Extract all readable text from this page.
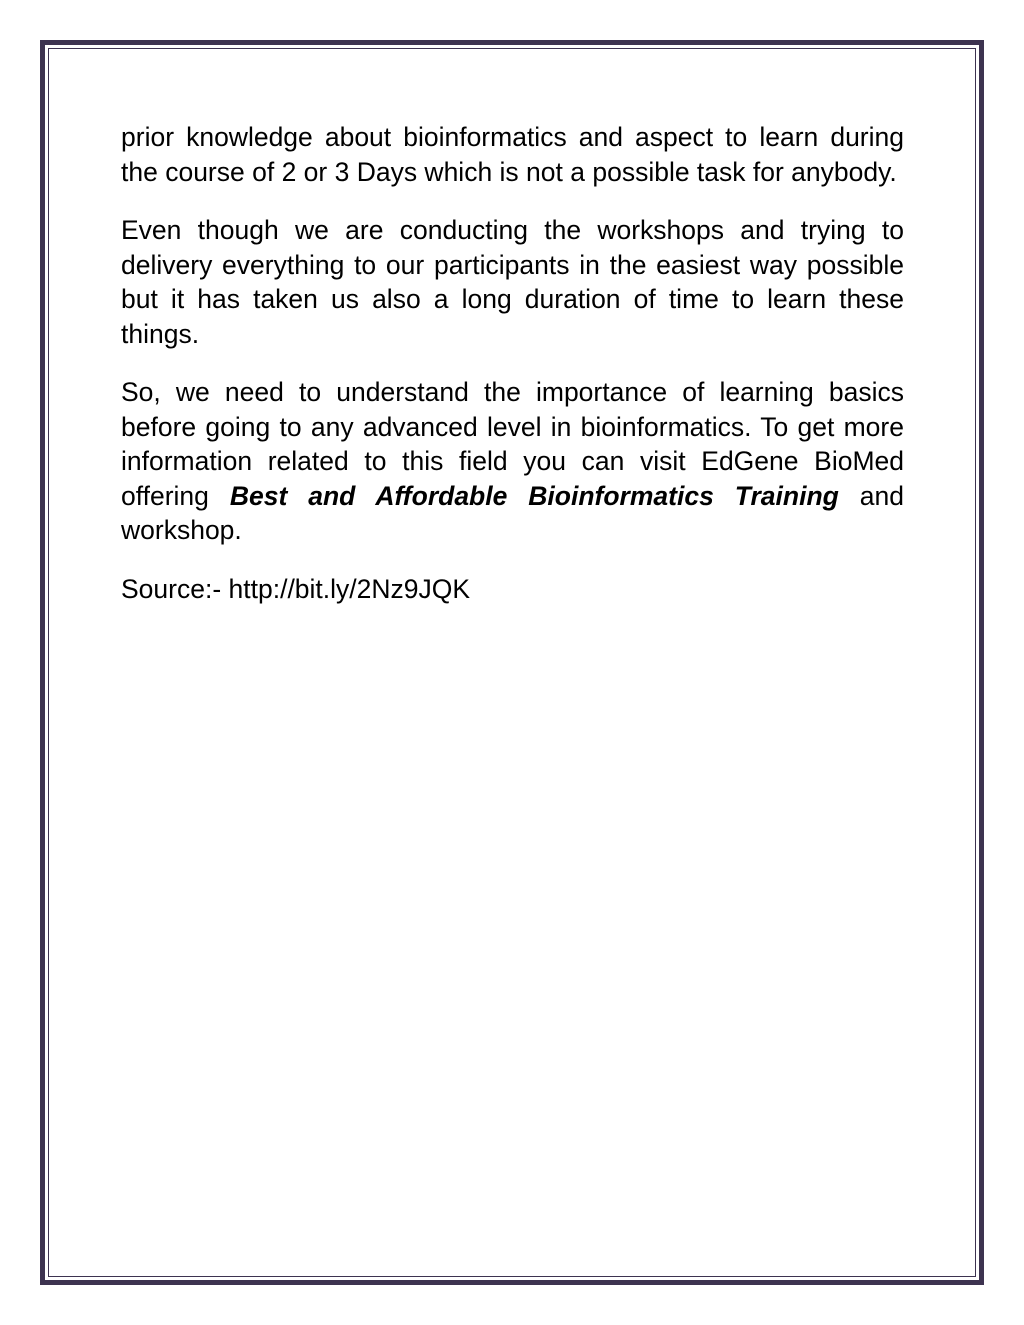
prior knowledge about bioinformatics and aspect to learn during the course of 2 or 3 Days which is not a possible task for anybody.

Even though we are conducting the workshops and trying to delivery everything to our participants in the easiest way possible but it has taken us also a long duration of time to learn these things.

So, we need to understand the importance of learning basics before going to any advanced level in bioinformatics. To get more information related to this field you can visit EdGene BioMed offering Best and Affordable Bioinformatics Training and workshop.

Source:- http://bit.ly/2Nz9JQK
